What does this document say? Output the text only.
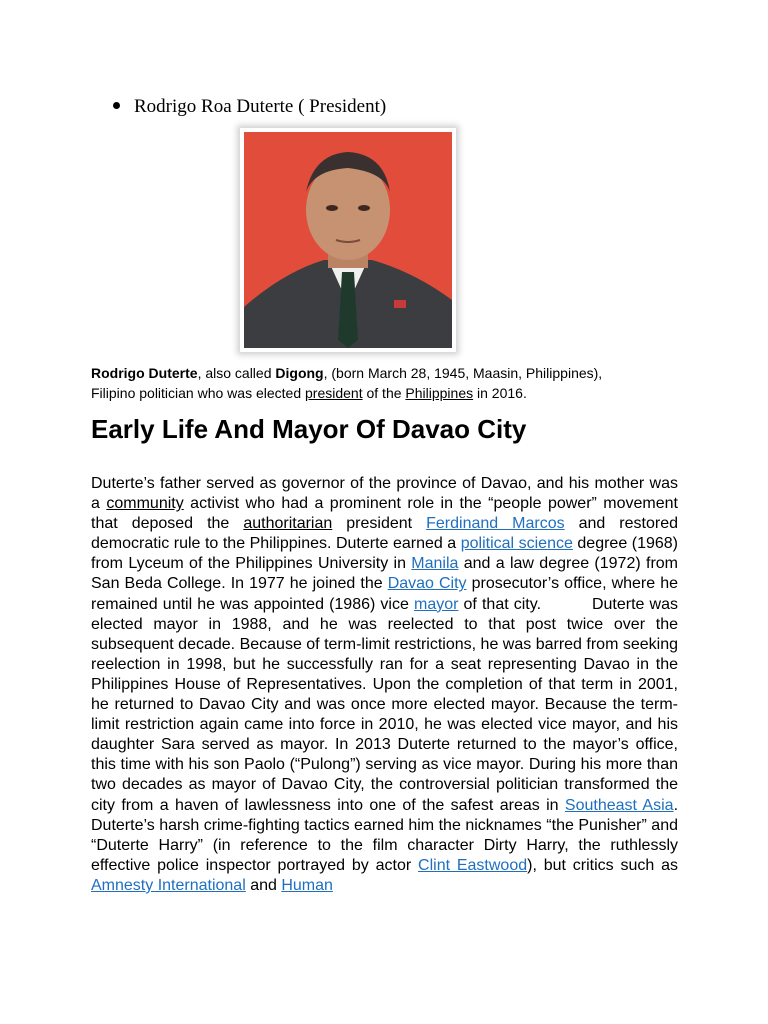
Rodrigo Roa Duterte ( President)
Rodrigo Duterte, also called Digong, (born March 28, 1945, Maasin, Philippines),
Filipino politician who was elected president of the Philippines in 2016.
Early Life And Mayor Of Davao City

Duterte’s father served as governor of the province of Davao, and his mother was a community activist who had a prominent role in the “people power” movement that deposed the authoritarian president Ferdinand Marcos and restored democratic rule to the Philippines. Duterte earned a political science degree (1968) from Lyceum of the Philippines University in Manila and a law degree (1972) from San Beda College. In 1977 he joined the Davao City prosecutor’s office, where he remained until he was appointed (1986) vice mayor of that city.          Duterte was elected mayor in 1988, and he was reelected to that post twice over the subsequent decade. Because of term-limit restrictions, he was barred from seeking reelection in 1998, but he successfully ran for a seat representing Davao in the Philippines House of Representatives. Upon the completion of that term in 2001, he returned to Davao City and was once more elected mayor. Because the term-limit restriction again came into force in 2010, he was elected vice mayor, and his daughter Sara served as mayor. In 2013 Duterte returned to the mayor’s office, this time with his son Paolo (“Pulong”) serving as vice mayor. During his more than two decades as mayor of Davao City, the controversial politician transformed the city from a haven of lawlessness into one of the safest areas in Southeast Asia. Duterte’s harsh crime-fighting tactics earned him the nicknames “the Punisher” and “Duterte Harry” (in reference to the film character Dirty Harry, the ruthlessly effective police inspector portrayed by actor Clint Eastwood), but critics such as Amnesty International and Human
